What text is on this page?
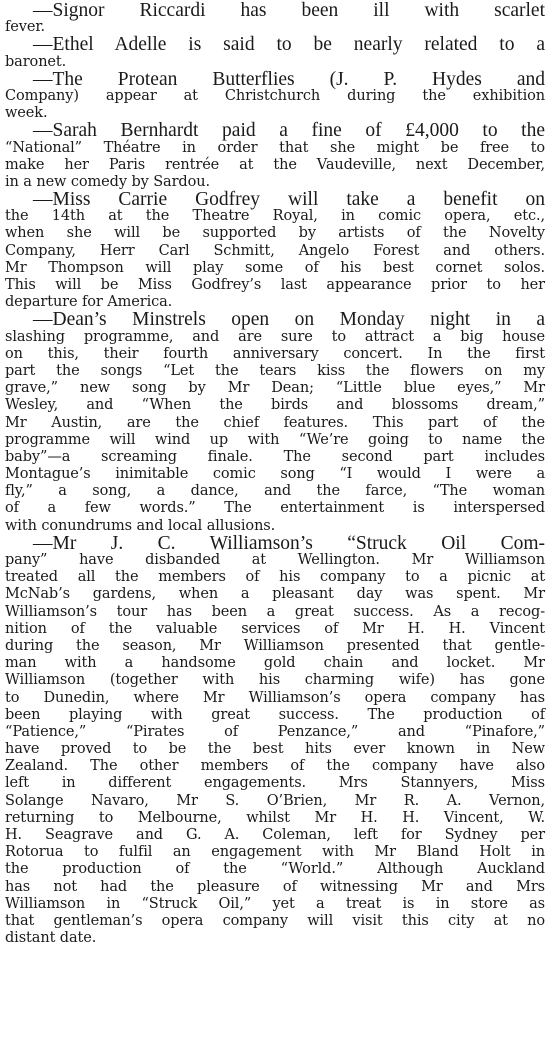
—Signor Riccardi has been ill with scarlet
fever.
—Ethel Adelle is said to be nearly related to a
baronet.
—The Protean Butterflies (J. P. Hydes and
Company) appear at Christchurch during the exhibition
week.
—Sarah Bernhardt paid a fine of £4,000 to the
“National” Théatre in order that she might be free to
make her Paris rentrée at the Vaudeville, next December,
in a new comedy by Sardou.
—Miss Carrie Godfrey will take a benefit on
the 14th at the Theatre Royal, in comic opera, etc.,
when she will be supported by artists of the Novelty
Company, Herr Carl Schmitt, Angelo Forest and others.
Mr Thompson will play some of his best cornet solos.
This will be Miss Godfrey’s last appearance prior to her
departure for America.
—Dean’s Minstrels open on Monday night in a
slashing programme, and are sure to attract a big house
on this, their fourth anniversary concert. In the first
part the songs “Let the tears kiss the flowers on my
grave,” new song by Mr Dean; “Little blue eyes,” Mr
Wesley, and “When the birds and blossoms dream,”
Mr Austin, are the chief features. This part of the
programme will wind up with “We’re going to name the
baby”—a screaming finale. The second part includes
Montague’s inimitable comic song “I would I were a
fly,” a song, a dance, and the farce, “The woman
of a few words.” The entertainment is interspersed
with conundrums and local allusions.
—Mr J. C. Williamson’s “Struck Oil Com-
pany” have disbanded at Wellington. Mr Williamson
treated all the members of his company to a picnic at
McNab’s gardens, when a pleasant day was spent. Mr
Williamson’s tour has been a great success. As a recog-
nition of the valuable services of Mr H. H. Vincent
during the season, Mr Williamson presented that gentle-
man with a handsome gold chain and locket. Mr
Williamson (together with his charming wife) has gone
to Dunedin, where Mr Williamson’s opera company has
been playing with great success. The production of
“Patience,” “Pirates of Penzance,” and “Pinafore,”
have proved to be the best hits ever known in New
Zealand. The other members of the company have also
left in different engagements. Mrs Stannyers, Miss
Solange Navaro, Mr S. O’Brien, Mr R. A. Vernon,
returning to Melbourne, whilst Mr H. H. Vincent, W.
H. Seagrave and G. A. Coleman, left for Sydney per
Rotorua to fulfil an engagement with Mr Bland Holt in
the production of the “World.” Although Auckland
has not had the pleasure of witnessing Mr and Mrs
Williamson in “Struck Oil,” yet a treat is in store as
that gentleman’s opera company will visit this city at no
distant date.
